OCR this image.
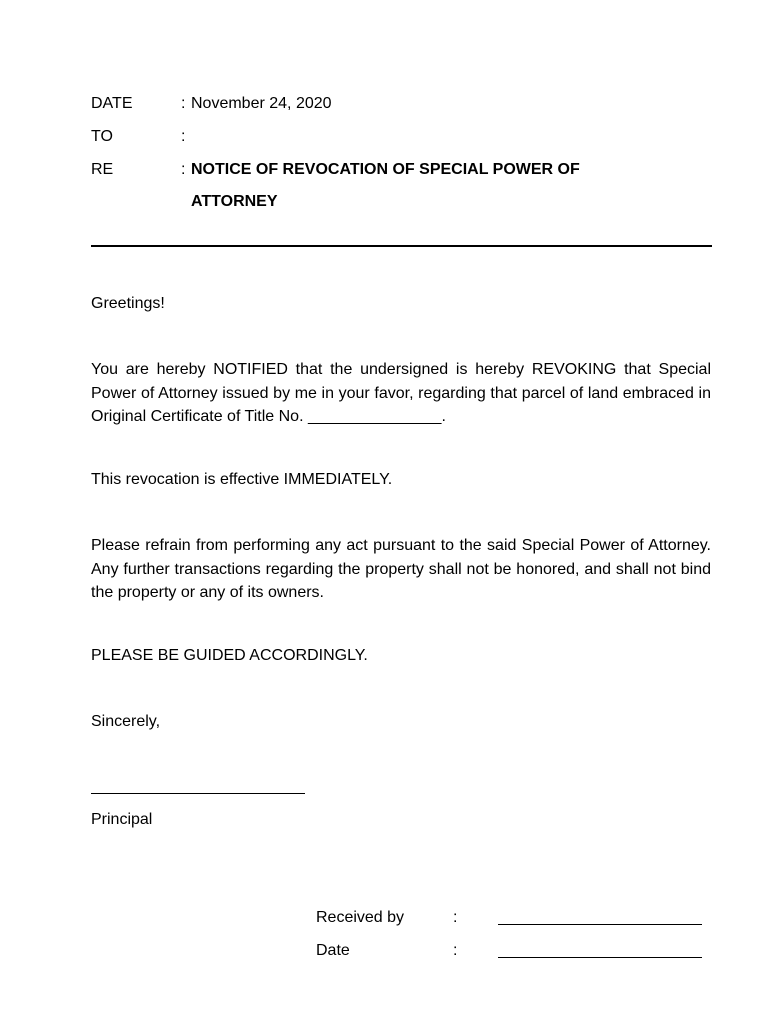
DATE	: November 24, 2020
TO	:
RE	: NOTICE OF REVOCATION OF SPECIAL POWER OF
ATTORNEY

Greetings!

You are hereby NOTIFIED that the undersigned is hereby REVOKING that Special Power of Attorney issued by me in your favor, regarding that parcel of land embraced in Original Certificate of Title No. _______________.

This revocation is effective IMMEDIATELY.

Please refrain from performing any act pursuant to the said Special Power of Attorney. Any further transactions regarding the property shall not be honored, and shall not bind the property or any of its owners.

PLEASE BE GUIDED ACCORDINGLY.

Sincerely,

Principal

Received by	:
Date	:
